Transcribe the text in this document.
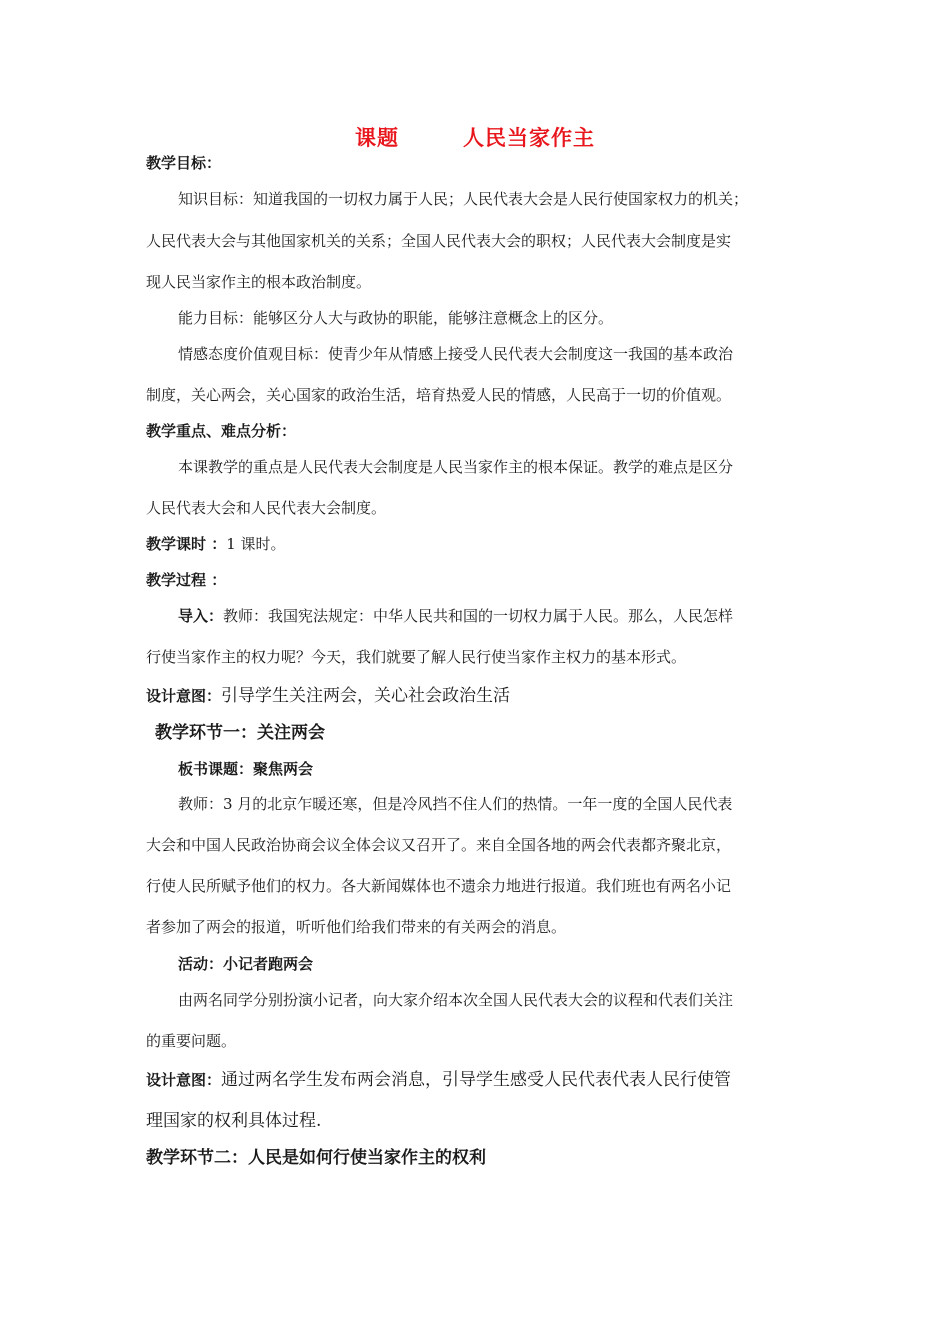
课题	人民当家作主
教学目标：
知识目标：知道我国的一切权力属于人民；人民代表大会是人民行使国家权力的机关；
人民代表大会与其他国家机关的关系；全国人民代表大会的职权；人民代表大会制度是实
现人民当家作主的根本政治制度。
能力目标：能够区分人大与政协的职能，能够注意概念上的区分。
情感态度价值观目标：使青少年从情感上接受人民代表大会制度这一我国的基本政治
制度，关心两会，关心国家的政治生活，培育热爱人民的情感，人民高于一切的价值观。
教学重点、难点分析：
本课教学的重点是人民代表大会制度是人民当家作主的根本保证。教学的难点是区分
人民代表大会和人民代表大会制度。
教学课时 ：1 课时。
教学过程 ：
导入：教师：我国宪法规定：中华人民共和国的一切权力属于人民。那么，人民怎样
行使当家作主的权力呢？今天，我们就要了解人民行使当家作主权力的基本形式。
设计意图：引导学生关注两会，关心社会政治生活
教学环节一：关注两会
板书课题：聚焦两会
教师：3 月的北京乍暖还寒，但是冷风挡不住人们的热情。一年一度的全国人民代表
大会和中国人民政治协商会议全体会议又召开了。来自全国各地的两会代表都齐聚北京，
行使人民所赋予他们的权力。各大新闻媒体也不遗余力地进行报道。我们班也有两名小记
者参加了两会的报道，听听他们给我们带来的有关两会的消息。
活动：小记者跑两会
由两名同学分别扮演小记者，向大家介绍本次全国人民代表大会的议程和代表们关注
的重要问题。
设计意图：通过两名学生发布两会消息，引导学生感受人民代表代表人民行使管
理国家的权利具体过程.
教学环节二：人民是如何行使当家作主的权利
